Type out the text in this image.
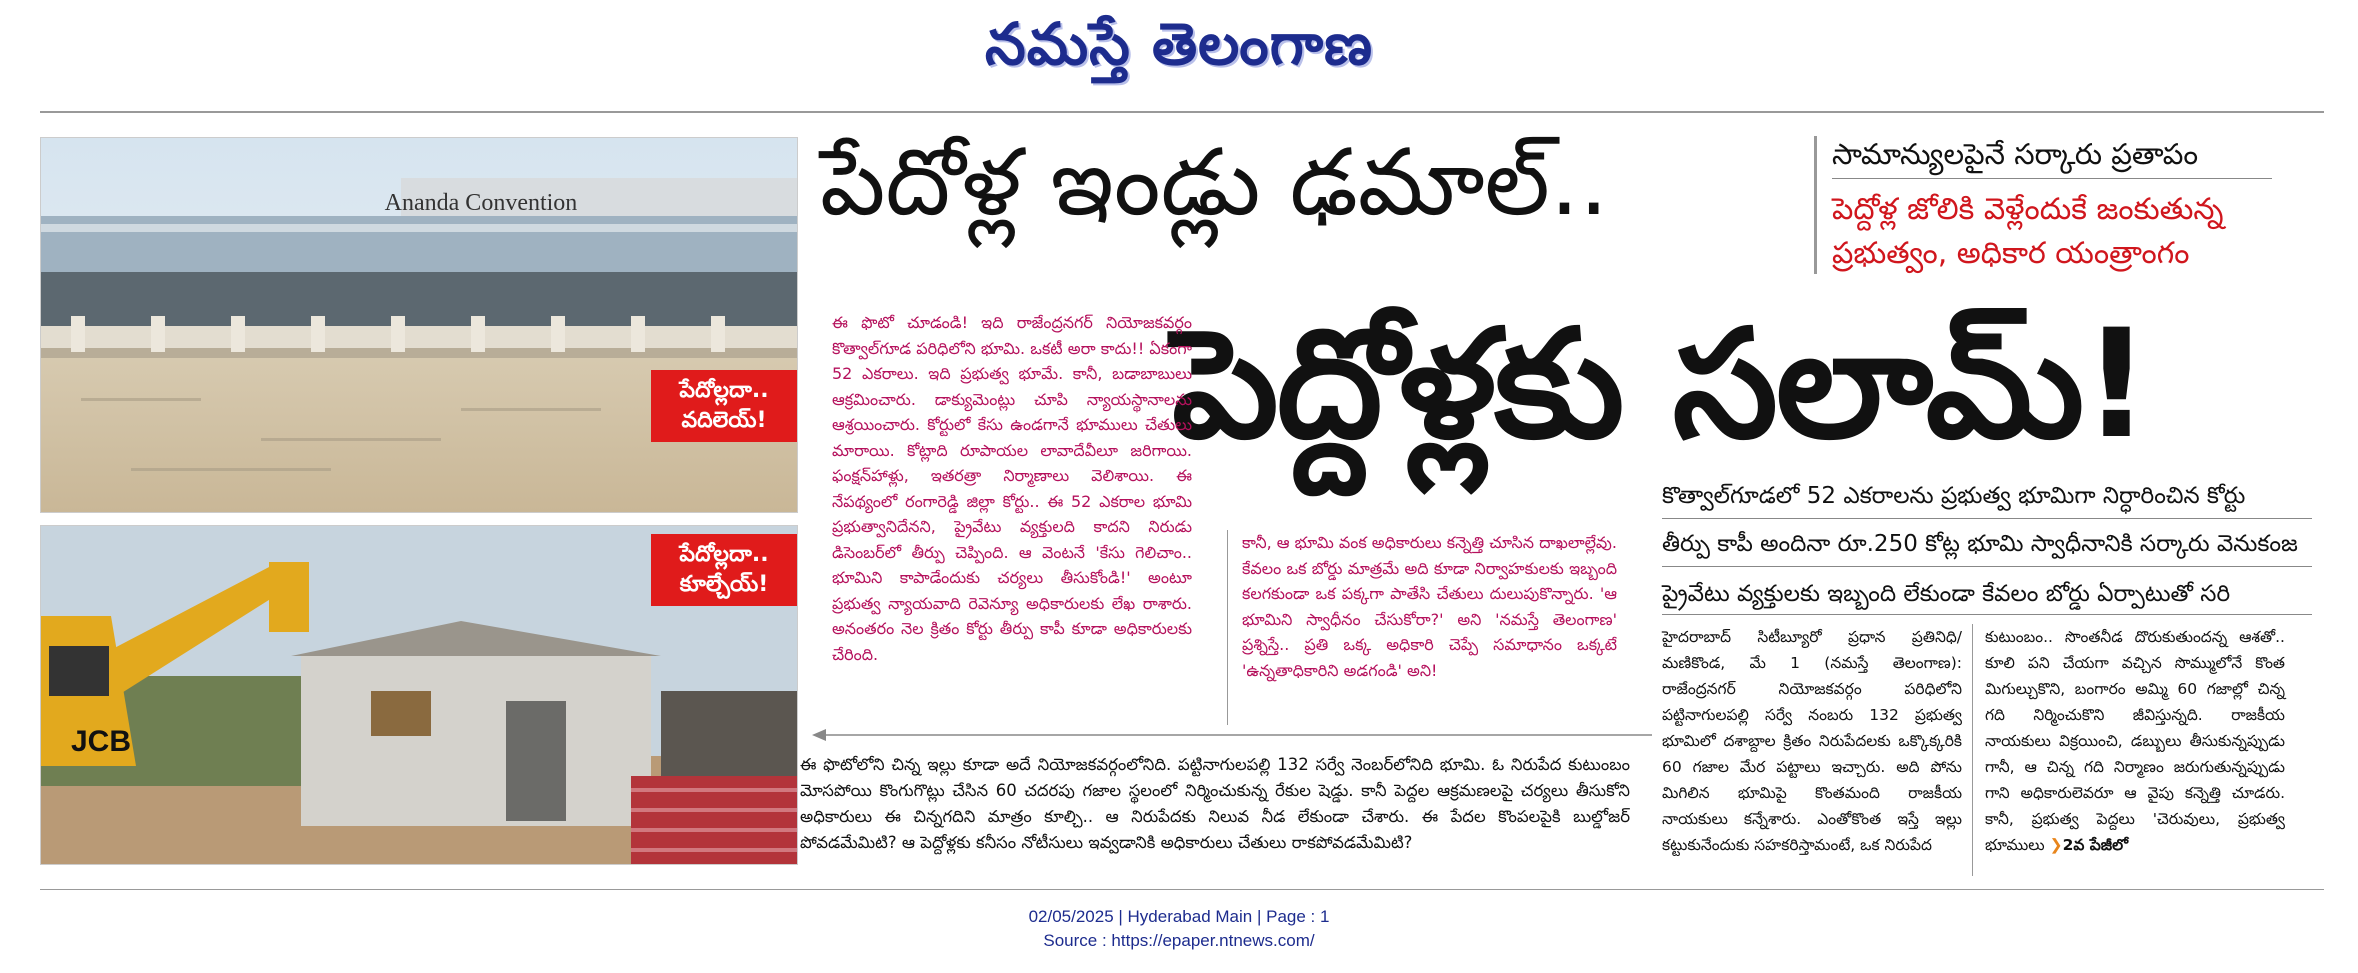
నమస్తే తెలంగాణ
Ananda Convention
పేదోల్లదా..
వదిలెయ్!
JCB
పేదోల్లదా..
కూల్చేయ్!
పేదోళ్ల ఇండ్లు ఢమాల్..
పెద్దోళ్లకు సలామ్!
సామాన్యులపైనే సర్కారు ప్రతాపం
పెద్దోళ్ల జోలికి వెళ్లేందుకే జంకుతున్న ప్రభుత్వం, అధికార యంత్రాంగం
ఈ ఫొటో చూడండి! ఇది రాజేంద్రనగర్ నియోజకవర్గం కొత్వాల్‌గూడ పరిధిలోని భూమి. ఒకటీ అరా కాదు!! ఏకంగా 52 ఎకరాలు. ఇది ప్రభుత్వ భూమే. కానీ, బడాబాబులు ఆక్రమించారు. డాక్యుమెంట్లు చూపి న్యాయస్థానాలను ఆశ్రయించారు. కోర్టులో కేసు ఉండగానే భూములు చేతులు మారాయి. కోట్లాది రూపాయల లావాదేవీలూ జరిగాయి. ఫంక్షన్‌హాళ్లు, ఇతరత్రా నిర్మాణాలు వెలిశాయి. ఈ నేపథ్యంలో రంగారెడ్డి జిల్లా కోర్టు.. ఈ 52 ఎకరాల భూమి ప్రభుత్వానిదేనని, ప్రైవేటు వ్యక్తులది కాదని నిరుడు డిసెంబర్‌లో తీర్పు చెప్పింది. ఆ వెంటనే 'కేసు గెలిచాం.. భూమిని కాపాడేందుకు చర్యలు తీసుకోండి!' అంటూ ప్రభుత్వ న్యాయవాది రెవెన్యూ అధికారులకు లేఖ రాశారు. అనంతరం నెల క్రితం కోర్టు తీర్పు కాపీ కూడా అధికారులకు చేరింది.
కానీ, ఆ భూమి వంక అధికారులు కన్నెత్తి చూసిన దాఖలాల్లేవు. కేవలం ఒక బోర్డు మాత్రమే అది కూడా నిర్వాహకులకు ఇబ్బంది కలగకుండా ఒక పక్కగా పాతేసి చేతులు దులుపుకొన్నారు. 'ఆ భూమిని స్వాధీనం చేసుకోరా?' అని 'నమస్తే తెలంగాణ' ప్రశ్నిస్తే.. ప్రతి ఒక్క అధికారి చెప్పే సమాధానం ఒక్కటే 'ఉన్నతాధికారిని అడగండి' అని!
ఈ ఫొటోలోని చిన్న ఇల్లు కూడా అదే నియోజకవర్గంలోనిది. పట్టినాగులపల్లి 132 సర్వే నెంబర్‌లోనిది భూమి. ఓ నిరుపేద కుటుంబం మోసపోయి కొంగుగొట్లు చేసిన 60 చదరపు గజాల స్థలంలో నిర్మించుకున్న రేకుల షెడ్డు. కానీ పెద్దల ఆక్రమణలపై చర్యలు తీసుకోని అధికారులు ఈ చిన్నగదిని మాత్రం కూల్చి.. ఆ నిరుపేదకు నిలువ నీడ లేకుండా చేశారు. ఈ పేదల కొంపలపైకి బుల్డోజర్ పోవడమేమిటి? ఆ పెద్దోళ్లకు కనీసం నోటీసులు ఇవ్వడానికి అధికారులు చేతులు రాకపోవడమేమిటి?
కొత్వాల్‌గూడలో 52 ఎకరాలను ప్రభుత్వ భూమిగా నిర్ధారించిన కోర్టు
తీర్పు కాపీ అందినా రూ.250 కోట్ల భూమి స్వాధీనానికి సర్కారు వెనుకంజ
ప్రైవేటు వ్యక్తులకు ఇబ్బంది లేకుండా కేవలం బోర్డు ఏర్పాటుతో సరి
హైదరాబాద్ సిటీబ్యూరో ప్రధాన ప్రతినిధి/ మణికొండ, మే 1 (నమస్తే తెలంగాణ): రాజేంద్రనగర్ నియోజకవర్గం పరిధిలోని పట్టినాగులపల్లి సర్వే నంబరు 132 ప్రభుత్వ భూమిలో దశాబ్దాల క్రితం నిరుపేదలకు ఒక్కొక్కరికి 60 గజాల మేర పట్టాలు ఇచ్చారు. అది పోను మిగిలిన భూమిపై కొంతమంది రాజకీయ నాయకులు కన్నేశారు. ఎంతోకొంత ఇస్తే ఇల్లు కట్టుకునేందుకు సహకరిస్తామంటే, ఒక నిరుపేద
కుటుంబం.. సొంతనీడ దొరుకుతుందన్న ఆశతో.. కూలి పని చేయగా వచ్చిన సొమ్ములోనే కొంత మిగుల్చుకొని, బంగారం అమ్మి 60 గజాల్లో చిన్న గది నిర్మించుకొని జీవిస్తున్నది. రాజకీయ నాయకులు విక్రయించి, డబ్బులు తీసుకున్నప్పుడు గానీ, ఆ చిన్న గది నిర్మాణం జరుగుతున్నప్పుడు గాని అధికారులెవరూ ఆ వైపు కన్నెత్తి చూడరు. కానీ, ప్రభుత్వ పెద్దలు 'చెరువులు, ప్రభుత్వ భూములు ❯2వ పేజీలో
02/05/2025 | Hyderabad Main | Page : 1
Source : https://epaper.ntnews.com/
